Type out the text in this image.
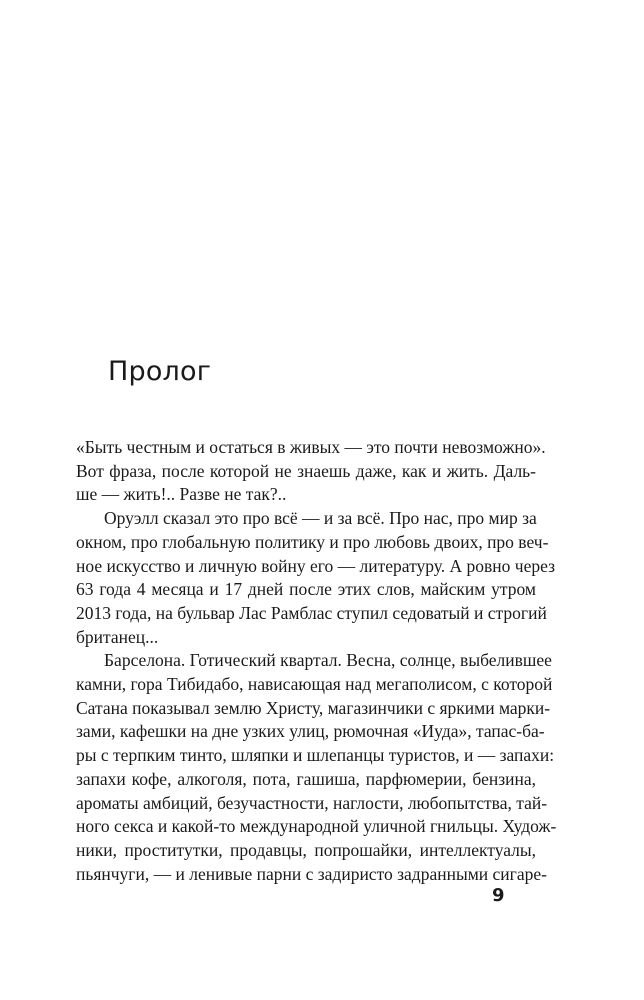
Пролог

«Быть честным и остаться в живых — это почти невозможно».
Вот фраза, после которой не знаешь даже, как и жить. Даль-
ше — жить!.. Разве не так?..

Оруэлл сказал это про всё — и за всё. Про нас, про мир за
окном, про глобальную политику и про любовь двоих, про веч-
ное искусство и личную войну его — литературу. А ровно через
63 года 4 месяца и 17 дней после этих слов, майским утром
2013 года, на бульвар Лас Рамблас ступил седоватый и строгий
британец...

Барселона. Готический квартал. Весна, солнце, выбелившее
камни, гора Тибидабо, нависающая над мегаполисом, с которой
Сатана показывал землю Христу, магазинчики с яркими марки-
зами, кафешки на дне узких улиц, рюмочная «Иуда», тапас-ба-
ры с терпким тинто, шляпки и шлепанцы туристов, и — запахи:
запахи кофе, алкоголя, пота, гашиша, парфюмерии, бензина,
ароматы амбиций, безучастности, наглости, любопытства, тай-
ного секса и какой-то международной уличной гнильцы. Худож-
ники, проститутки, продавцы, попрошайки, интеллектуалы,
пьянчуги, — и ленивые парни с задиристо задранными сигаре-

9
